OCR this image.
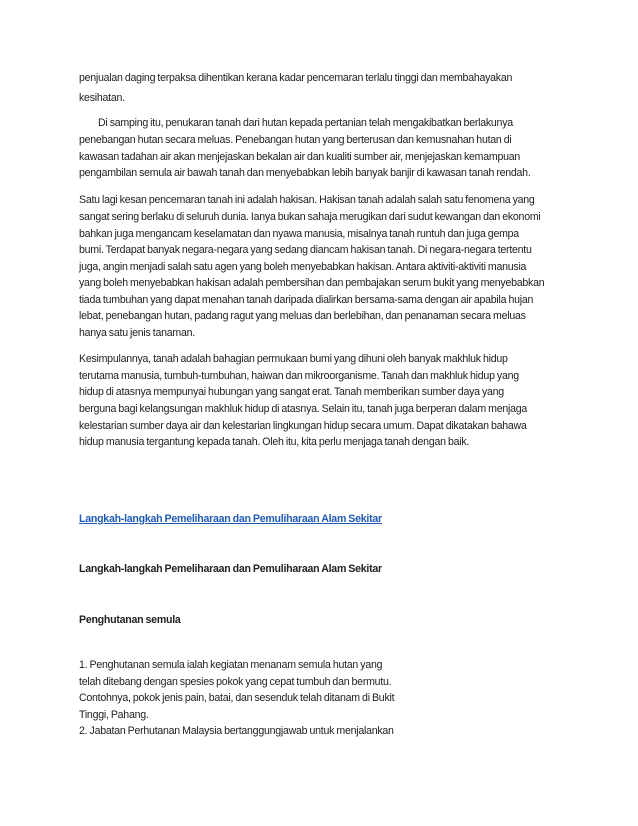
penjualan daging terpaksa dihentikan kerana kadar pencemaran terlalu tinggi dan membahayakan
kesihatan.
Di samping itu, penukaran tanah dari hutan kepada pertanian telah mengakibatkan berlakunya
penebangan hutan secara meluas. Penebangan hutan yang berterusan dan kemusnahan hutan di
kawasan tadahan air akan menjejaskan bekalan air dan kualiti sumber air, menjejaskan kemampuan
pengambilan semula air bawah tanah dan menyebabkan lebih banyak banjir di kawasan tanah rendah.
Satu lagi kesan pencemaran tanah ini adalah hakisan. Hakisan tanah adalah salah satu fenomena yang
sangat sering berlaku di seluruh dunia. Ianya bukan sahaja merugikan dari sudut kewangan dan ekonomi
bahkan juga mengancam keselamatan dan nyawa manusia, misalnya tanah runtuh dan juga gempa
bumi. Terdapat banyak negara-negara yang sedang diancam hakisan tanah. Di negara-negara tertentu
juga, angin menjadi salah satu agen yang boleh menyebabkan hakisan. Antara aktiviti-aktiviti manusia
yang boleh menyebabkan hakisan adalah pembersihan dan pembajakan serum bukit yang menyebabkan
tiada tumbuhan yang dapat menahan tanah daripada dialirkan bersama-sama dengan air apabila hujan
lebat, penebangan hutan, padang ragut yang meluas dan berlebihan, dan penanaman secara meluas
hanya satu jenis tanaman.
Kesimpulannya, tanah adalah bahagian permukaan bumi yang dihuni oleh banyak makhluk hidup
terutama manusia, tumbuh-tumbuhan, haiwan dan mikroorganisme. Tanah dan makhluk hidup yang
hidup di atasnya mempunyai hubungan yang sangat erat. Tanah memberikan sumber daya yang
berguna bagi kelangsungan makhluk hidup di atasnya. Selain itu, tanah juga berperan dalam menjaga
kelestarian sumber daya air dan kelestarian lingkungan hidup secara umum. Dapat dikatakan bahawa
hidup manusia tergantung kepada tanah. Oleh itu, kita perlu menjaga tanah dengan baik.
Langkah-langkah Pemeliharaan dan Pemuliharaan Alam Sekitar
Langkah-langkah Pemeliharaan dan Pemuliharaan Alam Sekitar
Penghutanan semula
1. Penghutanan semula ialah kegiatan menanam semula hutan yang
telah ditebang dengan spesies pokok yang cepat tumbuh dan bermutu.
Contohnya, pokok jenis pain, batai, dan sesenduk telah ditanam di Bukit
Tinggi, Pahang.
2. Jabatan Perhutanan Malaysia bertanggungjawab untuk menjalankan
